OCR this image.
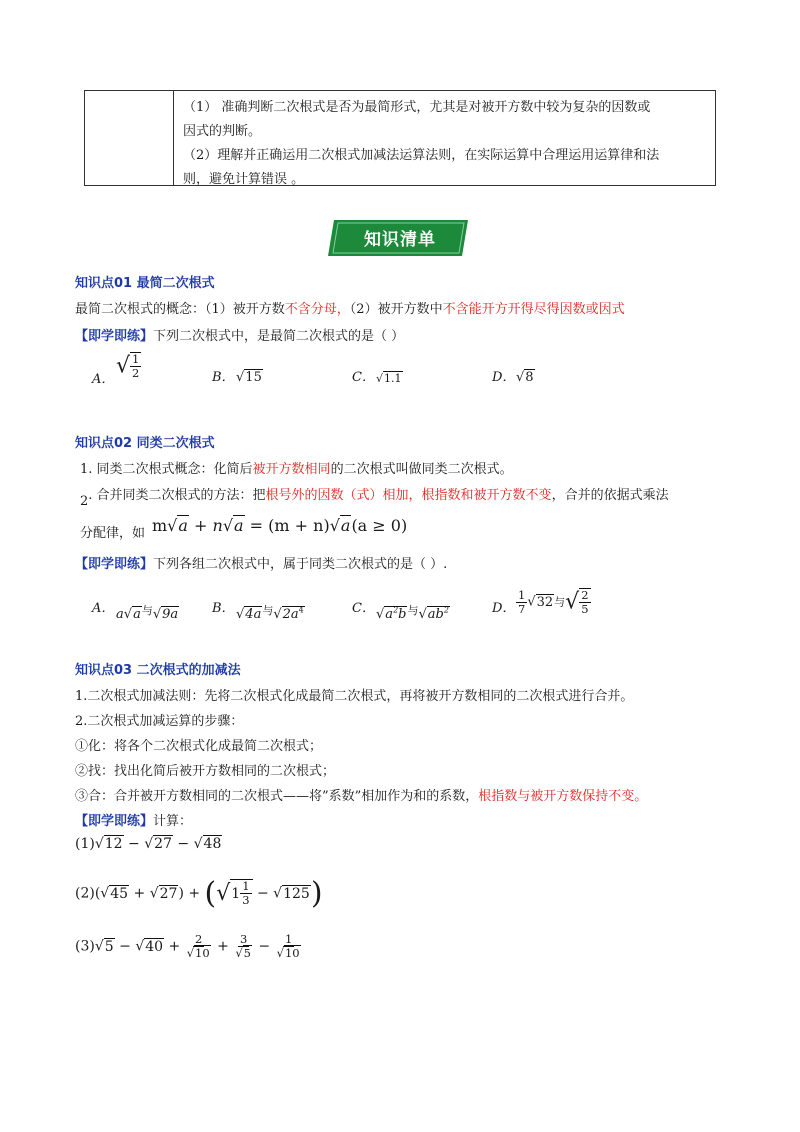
（1） 准确判断二次根式是否为最简形式，尤其是对被开方数中较为复杂的因数或
因式的判断。
（2）理解并正确运用二次根式加减法运算法则，在实际运算中合理运用运算律和法
则，避免计算错误 。
知识清单
知识点01 最简二次根式
最简二次根式的概念：（1）被开方数不含分母，（2）被开方数中不含能开方开得尽得因数或因式
【即学即练】下列二次根式中，是最简二次根式的是（ ）
A．
√ $\frac{1}{2}$	B． √15	C． √1.1	D． √8
知识点02 同类二次根式
1. 同类二次根式概念：化简后被开方数相同的二次根式叫做同类二次根式。
2. 合并同类二次根式的方法：把根号外的因数（式）相加，根指数和被开方数不变，合并的依据式乘法
分配律，如 m√a + n√a = (m + n)√a(a ≥ 0)
【即学即练】下列各组二次根式中，属于同类二次根式的是（ ）.
A． $a√a^与√9a$	B． $√4a^与√2a^4$	C． $√a^2b^与√ab^2$	D． $\frac{1}{7} √32$与√ $\frac{2}{5}$
知识点03 二次根式的加减法
1.二次根式加减法则：先将二次根式化成最简二次根式，再将被开方数相同的二次根式进行合并。
2.二次根式加减运算的步骤：
①化：将各个二次根式化成最简二次根式；
②找：找出化简后被开方数相同的二次根式；
③合：合并被开方数相同的二次根式——将”系数”相加作为和的系数，根指数与被开方数保持不变。
【即学即练】计算：
(1)√12 − √27 − √48
(2)(√45 + √27) + (√ $1 \frac{1}{3} - √125$)
$(3)√5 - √40 + \frac{2}{√10} + \frac{3}{√5} - \frac{1}{√10}$
